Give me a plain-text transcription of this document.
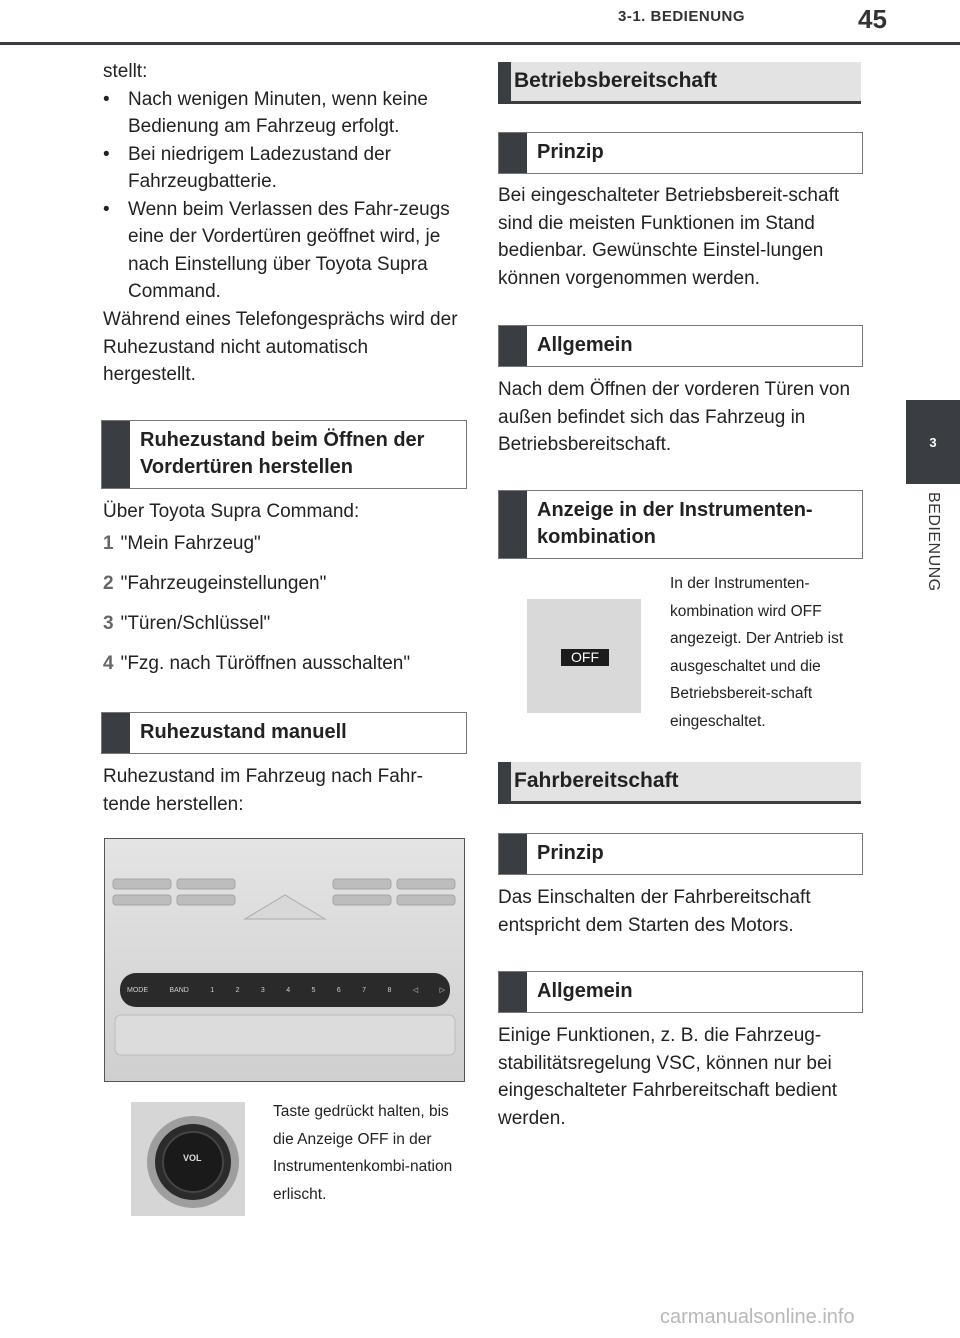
3-1. BEDIENUNG	45
3
BEDIENUNG
stellt:
• Nach wenigen Minuten, wenn keine Bedienung am Fahrzeug erfolgt.
• Bei niedrigem Ladezustand der Fahrzeugbatterie.
• Wenn beim Verlassen des Fahr-zeugs eine der Vordertüren geöffnet wird, je nach Einstellung über Toyota Supra Command.
Während eines Telefongesprächs wird der Ruhezustand nicht automatisch hergestellt.
Ruhezustand beim Öffnen der Vordertüren herstellen
Über Toyota Supra Command:
1 "Mein Fahrzeug"
2 "Fahrzeugeinstellungen"
3 "Türen/Schlüssel"
4 "Fzg. nach Türöffnen ausschalten"
Ruhezustand manuell
Ruhezustand im Fahrzeug nach Fahr-tende herstellen:
MODE	BAND	1	2	3	4	5	6	7	8	◁	▷
VOL
Taste gedrückt halten, bis die Anzeige OFF in der Instrumentenkombi-nation erlischt.
Betriebsbereitschaft
Prinzip
Bei eingeschalteter Betriebsbereit-schaft sind die meisten Funktionen im Stand bedienbar. Gewünschte Einstel-lungen können vorgenommen werden.
Allgemein
Nach dem Öffnen der vorderen Türen von außen befindet sich das Fahrzeug in Betriebsbereitschaft.
Anzeige in der Instrumenten-kombination
OFF
In der Instrumenten-kombination wird OFF angezeigt. Der Antrieb ist ausgeschaltet und die Betriebsbereit-schaft eingeschaltet.
Fahrbereitschaft
Prinzip
Das Einschalten der Fahrbereitschaft entspricht dem Starten des Motors.
Allgemein
Einige Funktionen, z. B. die Fahrzeug-stabilitätsregelung VSC, können nur bei eingeschalteter Fahrbereitschaft bedient werden.
carmanualsonline.info
